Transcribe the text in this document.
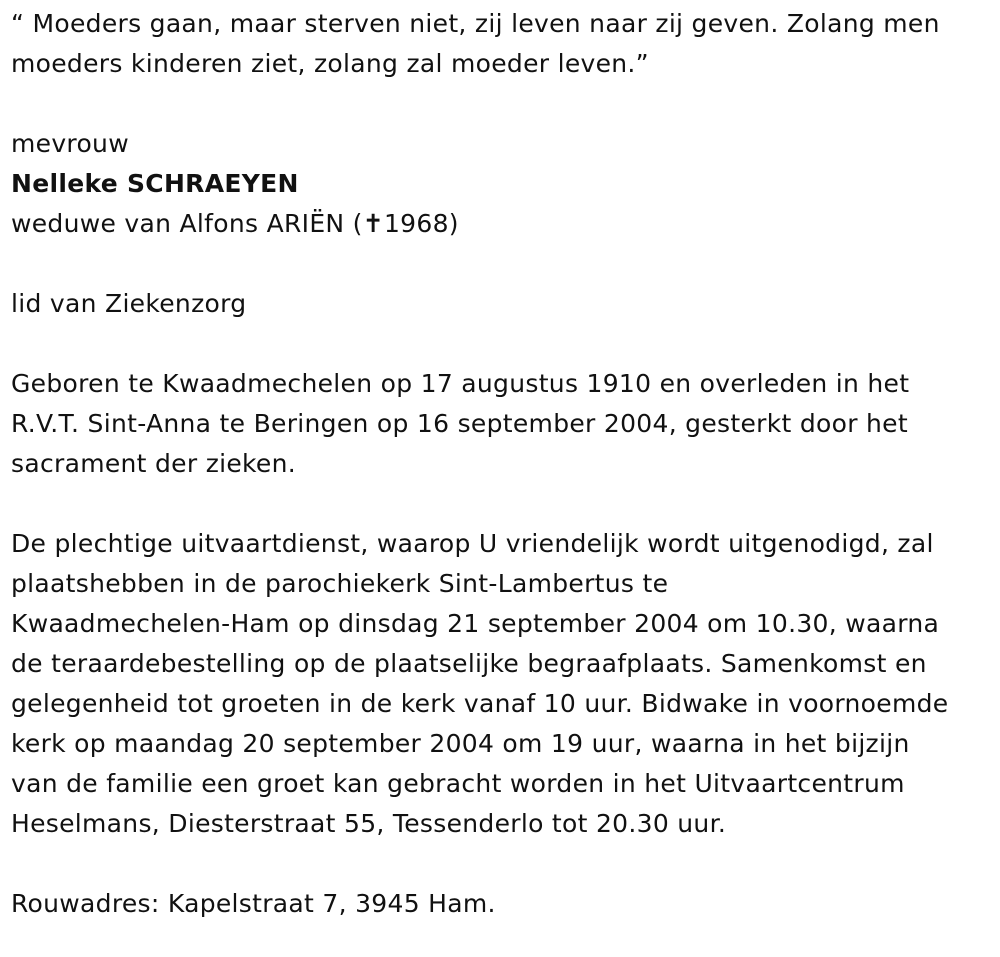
“ Moeders gaan, maar sterven niet, zij leven naar zij geven. Zolang men

moeders kinderen ziet, zolang zal moeder leven.”

mevrouw

Nelleke SCHRAEYEN

weduwe van Alfons ARIËN (✝1968)

lid van Ziekenzorg

Geboren te Kwaadmechelen op 17 augustus 1910 en overleden in het

R.V.T. Sint-Anna te Beringen op 16 september 2004, gesterkt door het

sacrament der zieken.

De plechtige uitvaartdienst, waarop U vriendelijk wordt uitgenodigd, zal

plaatshebben in de parochiekerk Sint-Lambertus te

Kwaadmechelen-Ham op dinsdag 21 september 2004 om 10.30, waarna

de teraardebestelling op de plaatselijke begraafplaats. Samenkomst en

gelegenheid tot groeten in de kerk vanaf 10 uur. Bidwake in voornoemde

kerk op maandag 20 september 2004 om 19 uur, waarna in het bijzijn

van de familie een groet kan gebracht worden in het Uitvaartcentrum

Heselmans, Diesterstraat 55, Tessenderlo tot 20.30 uur.

Rouwadres: Kapelstraat 7, 3945 Ham.
